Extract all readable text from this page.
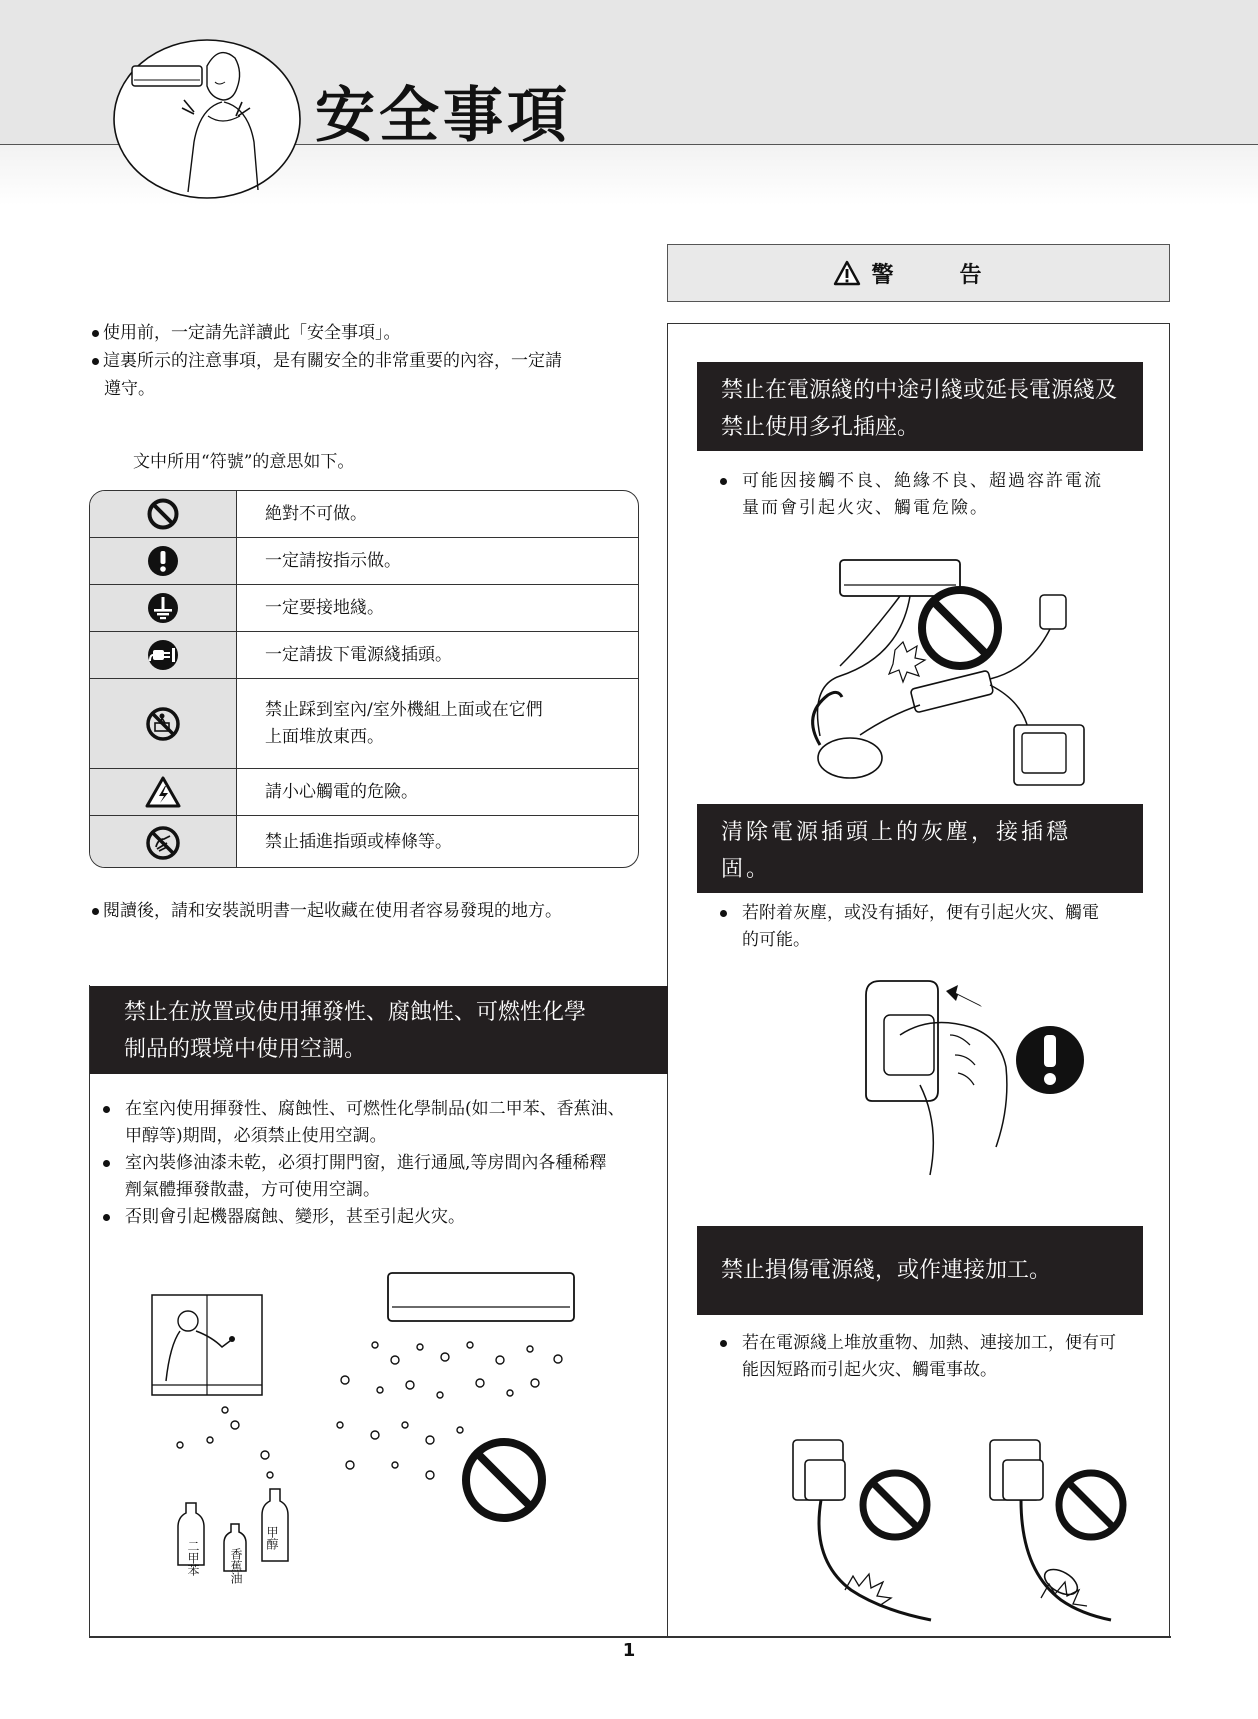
安全事項
警　告
使用前，一定請先詳讀此「安全事項」。
這裏所示的注意事項，是有關安全的非常重要的內容，一定請
遵守。
文中所用“符號”的意思如下。
絶對不可做。
一定請按指示做。
一定要接地綫。
一定請拔下電源綫插頭。
禁止踩到室內/室外機組上面或在它們
上面堆放東西。
請小心觸電的危險。
禁止插進指頭或棒條等。
閱讀後，請和安裝説明書一起收藏在使用者容易發現的地方。
禁止在放置或使用揮發性、腐蝕性、可燃性化學
制品的環境中使用空調。
在室內使用揮發性、腐蝕性、可燃性化學制品(如二甲苯、香蕉油、
甲醇等)期間，必須禁止使用空調。
室內裝修油漆未乾，必須打開門窗，進行通風,等房間內各種稀釋
劑氣體揮發散盡，方可使用空調。
否則會引起機器腐蝕、變形，甚至引起火灾。
二甲苯 香蕉油
甲醇
禁止在電源綫的中途引綫或延長電源綫及
禁止使用多孔插座。
可能因接觸不良、絶緣不良、超過容許電流
量而會引起火灾、觸電危險。
清除電源插頭上的灰塵，接插穩
固。
若附着灰塵，或没有插好，便有引起火灾、觸電
的可能。
禁止損傷電源綫，或作連接加工。
若在電源綫上堆放重物、加熱、連接加工，便有可
能因短路而引起火灾、觸電事故。
1
